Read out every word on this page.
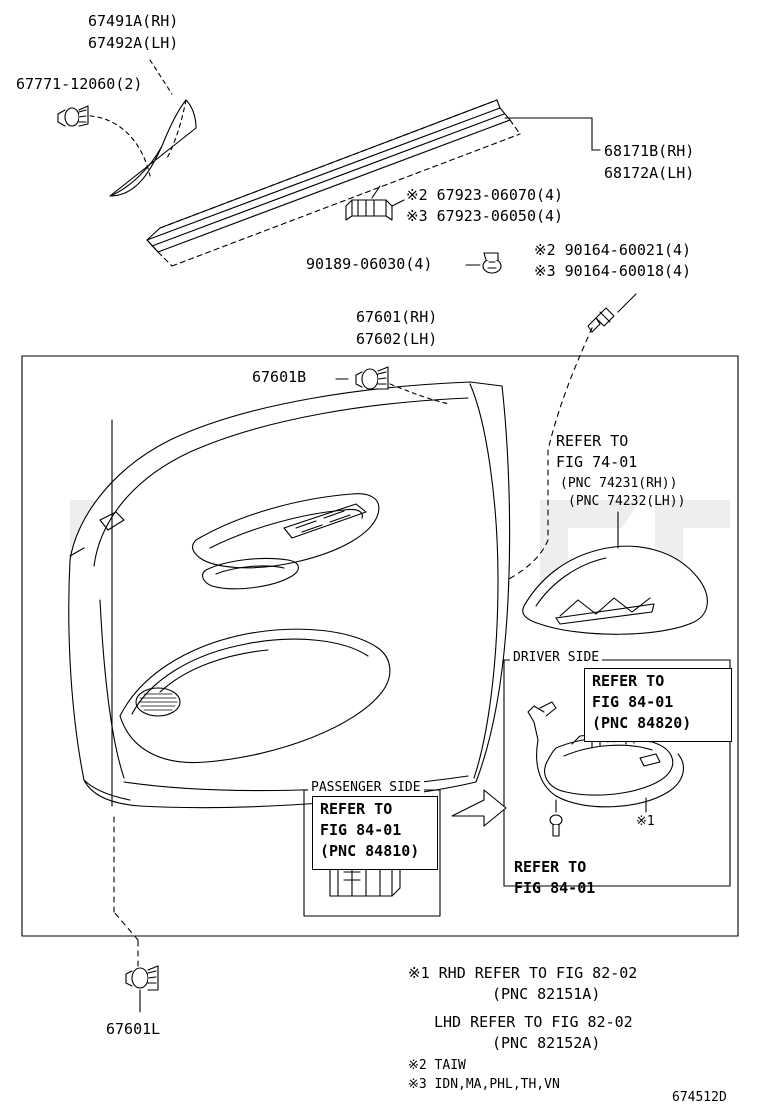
67491A(RH)
67492A(LH)
67771-12060(2)
68171B(RH)
68172A(LH)
※2 67923-06070(4)
※3 67923-06050(4)
90189-06030(4)
※2 90164-60021(4)
※3 90164-60018(4)
67601(RH)
67602(LH)
67601B
67601L
REFER TO
FIG 74-01
(PNC 74231(RH))
(PNC 74232(LH))
DRIVER SIDE
REFER TO
FIG 84-01
(PNC 84820)
REFER TO
FIG 84-01
※1
PASSENGER SIDE
REFER TO
FIG 84-01
(PNC 84810)
※1 RHD REFER TO FIG 82-02
(PNC 82151A)
LHD REFER TO FIG 82-02
(PNC 82152A)
※2 TAIW
※3 IDN,MA,PHL,TH,VN
674512D
